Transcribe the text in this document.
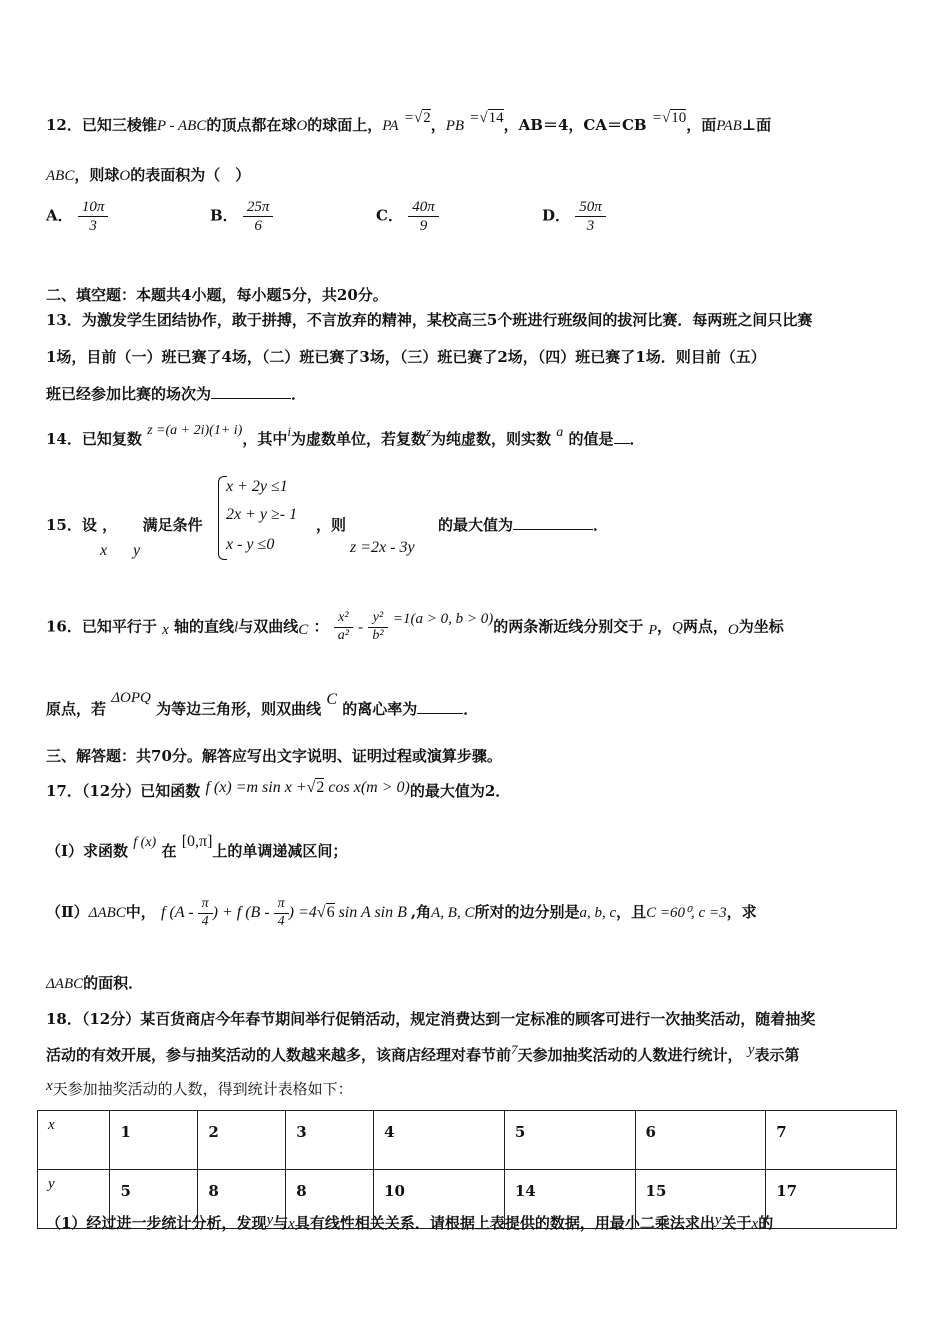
12．已知三棱锥P - ABC的顶点都在球O的球面上，PA =√2，PB =√14，AB＝4，CA＝CB =√10，面PAB⊥面
ABC，则球O的表面积为（　）
A． $\frac{10\pi}{3}$	B． $\frac{25\pi}{6}$	C． $\frac{40\pi}{9}$	D． $\frac{50\pi}{3}$
二、填空题：本题共4小题，每小题5分，共20分。
13．为激发学生团结协作，敢于拼搏，不言放弃的精神，某校高三5个班进行班级间的拔河比赛．每两班之间只比赛
1场，目前（一）班已赛了4场，（二）班已赛了3场，（三）班已赛了2场，（四）班已赛了1场．则目前（五）
班已经参加比赛的场次为	．
14．已知复数 z =(a + 2i)(1+ i)，其中i为虚数单位，若复数z为纯虚数，则实数 a 的值是 ．
15．设 ， 满足条件
x y
x + 2y ≤1
2x + y ≥- 1
x - y ≤0
，则
z =2x - 3y
的最大值为	．
16．已知平行于 x 轴的直线l与双曲线C ： $\frac{\text{x²}}{\text{a²}} - \frac{\text{y²}}{\text{b²}} =1(a > 0$, b > 0)的两条渐近线分别交于 P，Q两点，O为坐标
原点，若 ΔOPQ 为等边三角形，则双曲线 C 的离心率为	．
三、解答题：共70分。解答应写出文字说明、证明过程或演算步骤。
17．（12分）已知函数 f (x) =m sin x +√2 cos x(m > 0)的最大值为2．
（Ⅰ）求函数 f (x) 在 [0,π]上的单调递减区间；
（Ⅱ）ΔABC中， f ($A - \frac{\pi}{4}$ ) + f ($B - \frac{\pi}{4}$ ) =4√6 sin A sin B ,角A, B, C所对的边分别是a, b, c，且C =60⁰, c =3，求
ΔABC的面积．
18．（12分）某百货商店今年春节期间举行促销活动，规定消费达到一定标准的顾客可进行一次抽奖活动，随着抽奖
活动的有效开展，参与抽奖活动的人数越来越多，该商店经理对春节前7天参加抽奖活动的人数进行统计， y表示第
x天参加抽奖活动的人数，得到统计表格如下：
x	1	2	3	4	5	6	7
y	5	8	8	10	14	15	17
（1）经过进一步统计分析，发现y与x具有线性相关关系．请根据上表提供的数据，用最小二乘法求出y关于x的
